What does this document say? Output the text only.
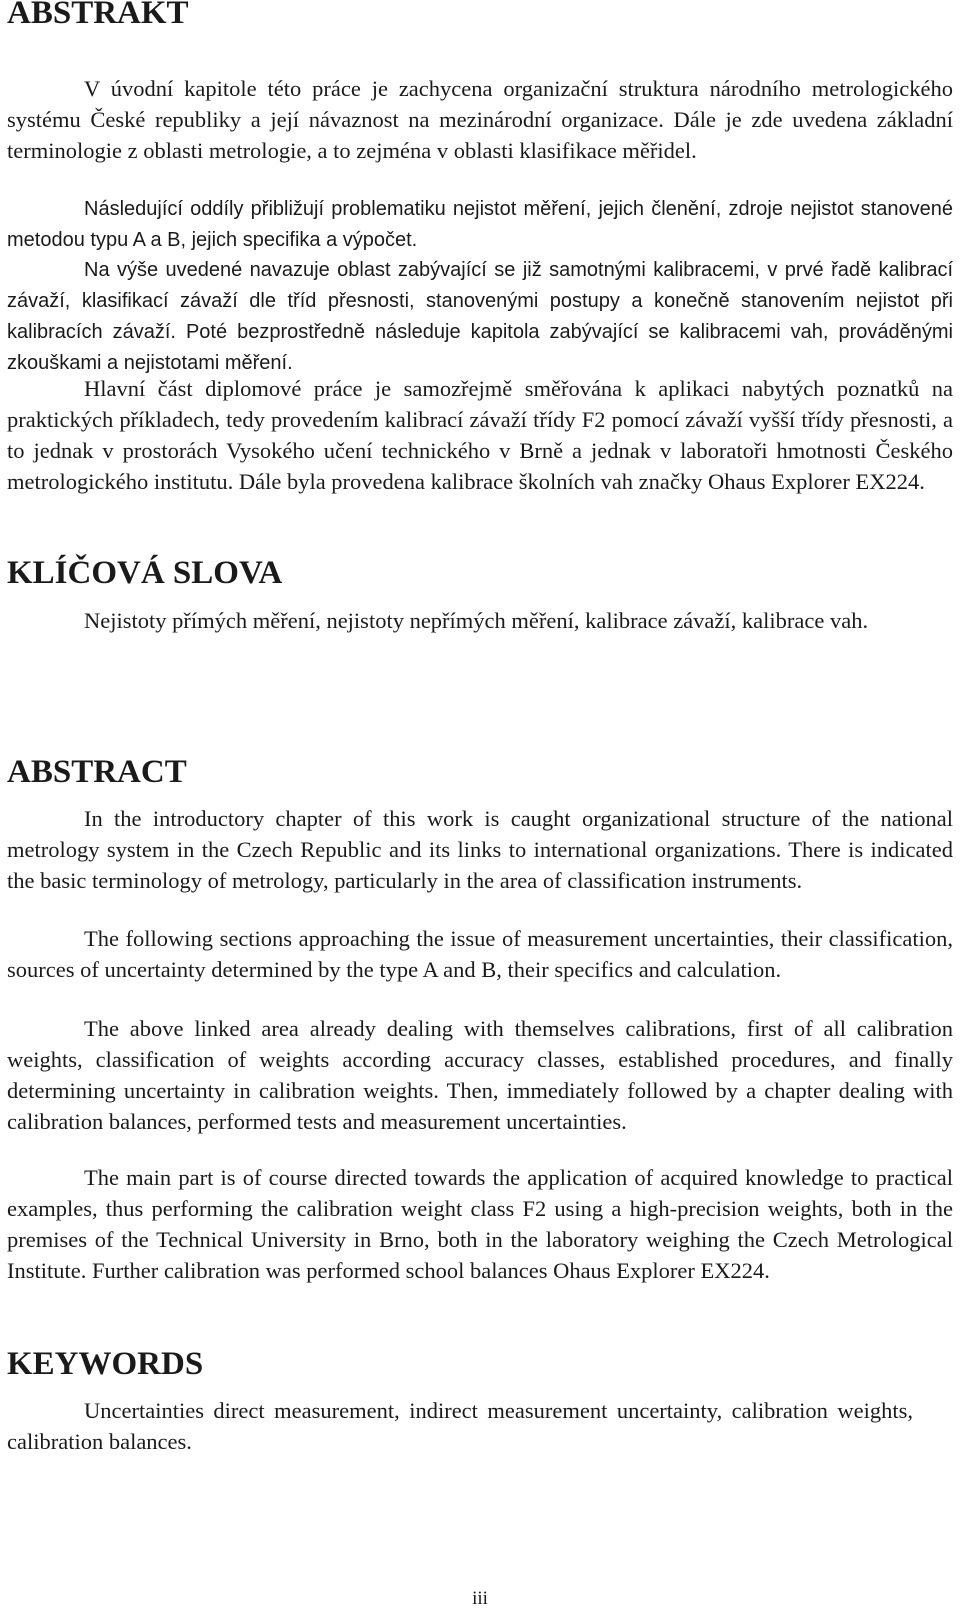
ABSTRAKT

V úvodní kapitole této práce je zachycena organizační struktura národního metrologického systému České republiky a její návaznost na mezinárodní organizace. Dále je zde uvedena základní terminologie z oblasti metrologie, a to zejména v oblasti klasifikace měřidel.

Následující oddíly přibližují problematiku nejistot měření, jejich členění, zdroje nejistot stanovené metodou typu A a B, jejich specifika a výpočet.

Na výše uvedené navazuje oblast zabývající se již samotnými kalibracemi, v prvé řadě kalibrací závaží, klasifikací závaží dle tříd přesnosti, stanovenými postupy a konečně stanovením nejistot při kalibracích závaží. Poté bezprostředně následuje kapitola zabývající se kalibracemi vah, prováděnými zkouškami a nejistotami měření.

Hlavní část diplomové práce je samozřejmě směřována k aplikaci nabytých poznatků na praktických příkladech, tedy provedením kalibrací závaží třídy F2 pomocí závaží vyšší třídy přesnosti, a to jednak v prostorách Vysokého učení technického v Brně a jednak v laboratoři hmotnosti Českého metrologického institutu. Dále byla provedena kalibrace školních vah značky Ohaus Explorer EX224.

KLÍČOVÁ SLOVA

Nejistoty přímých měření, nejistoty nepřímých měření, kalibrace závaží, kalibrace vah.

ABSTRACT

In the introductory chapter of this work is caught organizational structure of the national metrology system in the Czech Republic and its links to international organizations. There is indicated the basic terminology of metrology, particularly in the area of classification instruments.

The following sections approaching the issue of measurement uncertainties, their classification, sources of uncertainty determined by the type A and B, their specifics and calculation.

The above linked area already dealing with themselves calibrations, first of all calibration weights, classification of weights according accuracy classes, established procedures, and finally determining uncertainty in calibration weights. Then, immediately followed by a chapter dealing with calibration balances, performed tests and measurement uncertainties.

The main part is of course directed towards the application of acquired knowledge to practical examples, thus performing the calibration weight class F2 using a high-precision weights, both in the premises of the Technical University in Brno, both in the laboratory weighing the Czech Metrological Institute. Further calibration was performed school balances Ohaus Explorer EX224.

KEYWORDS

Uncertainties direct measurement, indirect measurement uncertainty, calibration weights, calibration balances.

iii
